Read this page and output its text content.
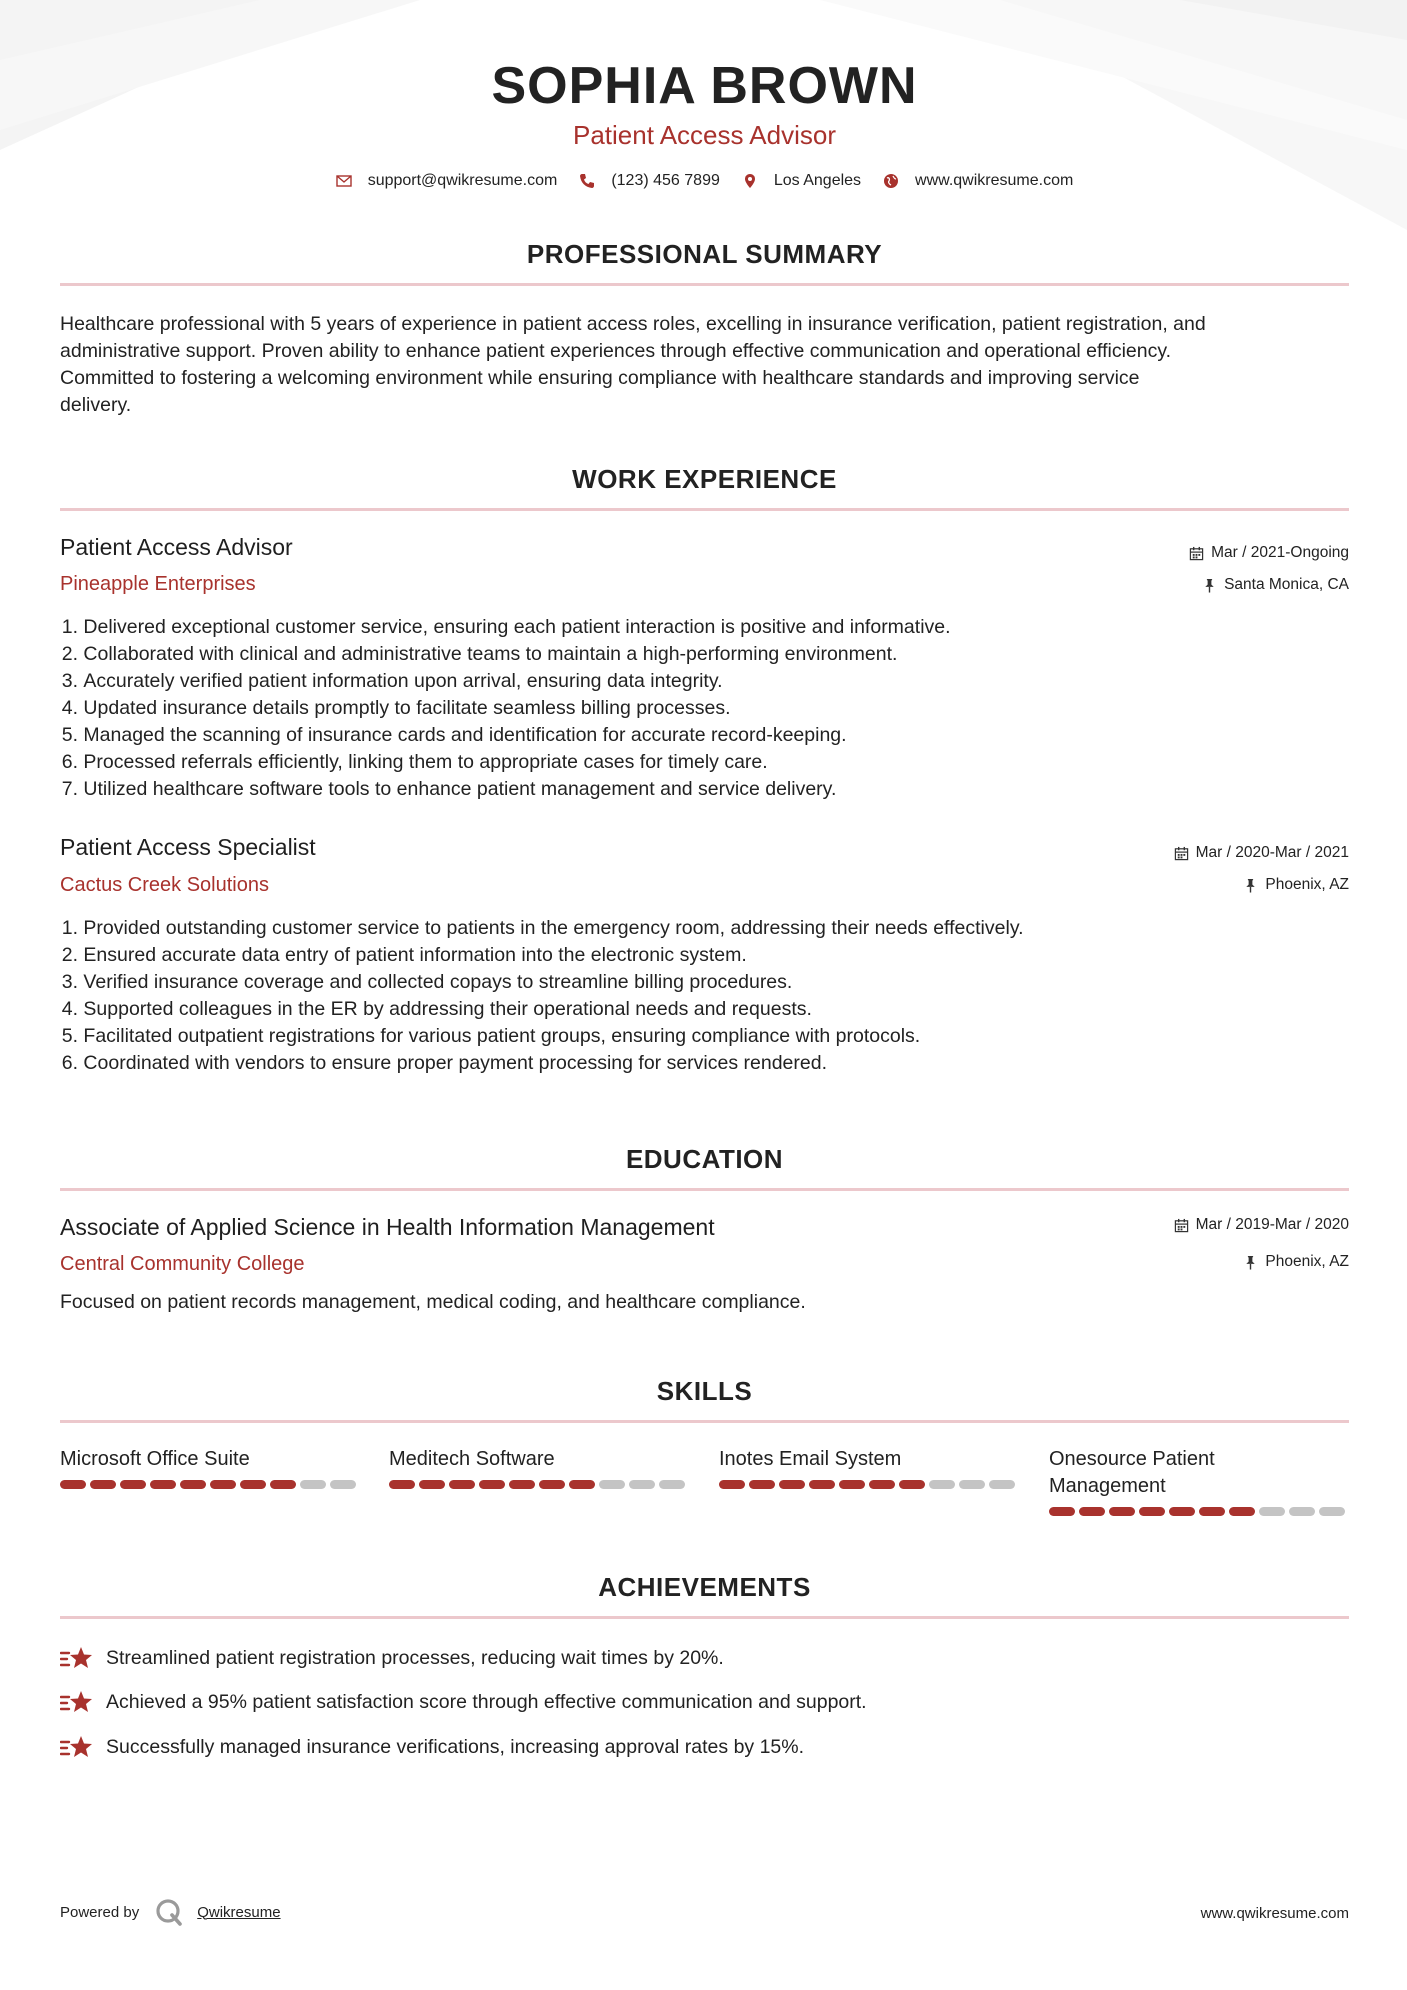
SOPHIA BROWN
Patient Access Advisor
support@qwikresume.com	(123) 456 7899	Los Angeles	www.qwikresume.com
PROFESSIONAL SUMMARY
Healthcare professional with 5 years of experience in patient access roles, excelling in insurance verification, patient registration, and
administrative support. Proven ability to enhance patient experiences through effective communication and operational efficiency.
Committed to fostering a welcoming environment while ensuring compliance with healthcare standards and improving service
delivery.
WORK EXPERIENCE
Patient Access Advisor
Pineapple Enterprises
Mar / 2021-Ongoing
Santa Monica, CA
1.
Delivered exceptional customer service, ensuring each patient interaction is positive and informative.
2.
Collaborated with clinical and administrative teams to maintain a high-performing environment.
3.
Accurately verified patient information upon arrival, ensuring data integrity.
4.
Updated insurance details promptly to facilitate seamless billing processes.
5.
Managed the scanning of insurance cards and identification for accurate record-keeping.
6.
Processed referrals efficiently, linking them to appropriate cases for timely care.
7.
Utilized healthcare software tools to enhance patient management and service delivery.
Patient Access Specialist
Cactus Creek Solutions
Mar / 2020-Mar / 2021
Phoenix, AZ
1.
Provided outstanding customer service to patients in the emergency room, addressing their needs effectively.
2.
Ensured accurate data entry of patient information into the electronic system.
3.
Verified insurance coverage and collected copays to streamline billing procedures.
4.
Supported colleagues in the ER by addressing their operational needs and requests.
5.
Facilitated outpatient registrations for various patient groups, ensuring compliance with protocols.
6.
Coordinated with vendors to ensure proper payment processing for services rendered.
EDUCATION
Associate of Applied Science in Health Information Management
Central Community College
Mar / 2019-Mar / 2020
Phoenix, AZ
Focused on patient records management, medical coding, and healthcare compliance.
SKILLS
Microsoft Office Suite	Meditech Software	Inotes Email System	Onesource Patient Management
ACHIEVEMENTS
Streamlined patient registration processes, reducing wait times by 20%.
Achieved a 95% patient satisfaction score through effective communication and support.
Successfully managed insurance verifications, increasing approval rates by 15%.
Powered by	Qwikresume	www.qwikresume.com
